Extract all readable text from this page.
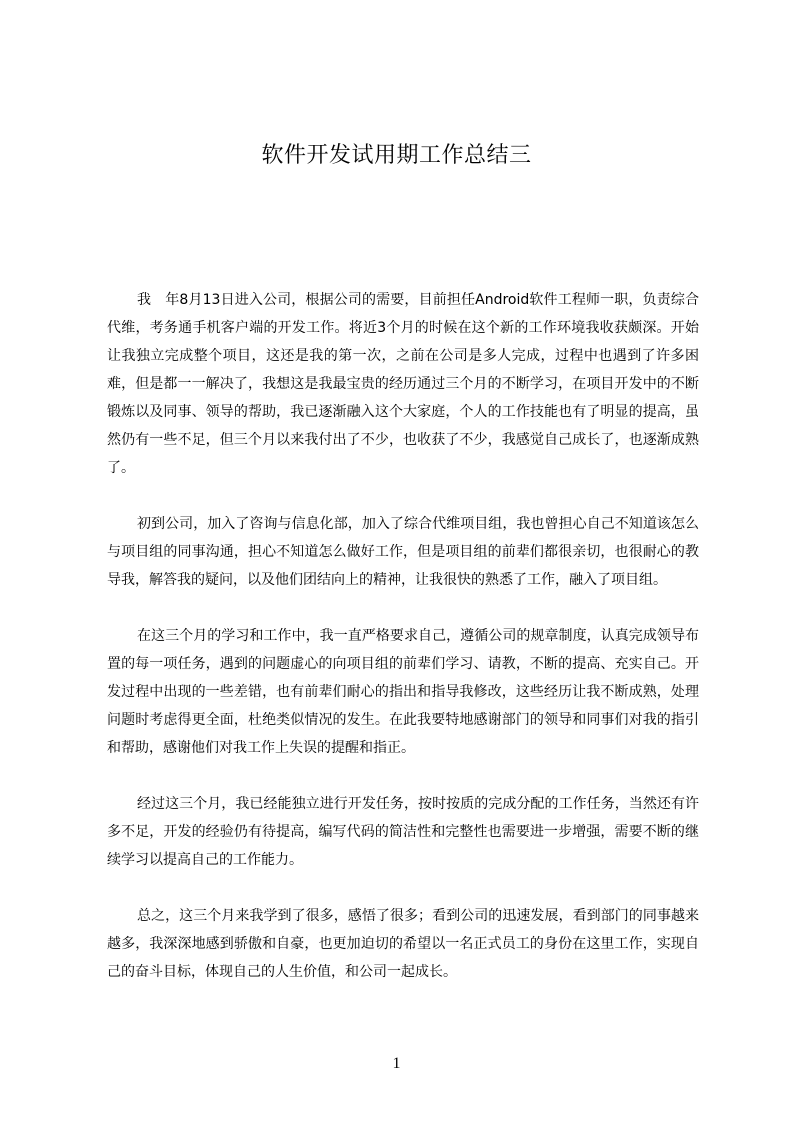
软件开发试用期工作总结三

我　年8月13日进入公司，根据公司的需要，目前担任Android软件工程师一职，负责综合代维，考务通手机客户端的开发工作。将近3个月的时候在这个新的工作环境我收获颇深。开始让我独立完成整个项目，这还是我的第一次，之前在公司是多人完成，过程中也遇到了许多困难，但是都一一解决了，我想这是我最宝贵的经历通过三个月的不断学习，在项目开发中的不断锻炼以及同事、领导的帮助，我已逐渐融入这个大家庭，个人的工作技能也有了明显的提高，虽然仍有一些不足，但三个月以来我付出了不少，也收获了不少，我感觉自己成长了，也逐渐成熟了。

初到公司，加入了咨询与信息化部，加入了综合代维项目组，我也曾担心自己不知道该怎么与项目组的同事沟通，担心不知道怎么做好工作，但是项目组的前辈们都很亲切，也很耐心的教导我，解答我的疑问，以及他们团结向上的精神，让我很快的熟悉了工作，融入了项目组。

在这三个月的学习和工作中，我一直严格要求自己，遵循公司的规章制度，认真完成领导布置的每一项任务，遇到的问题虚心的向项目组的前辈们学习、请教，不断的提高、充实自己。开发过程中出现的一些差错，也有前辈们耐心的指出和指导我修改，这些经历让我不断成熟，处理问题时考虑得更全面，杜绝类似情况的发生。在此我要特地感谢部门的领导和同事们对我的指引和帮助，感谢他们对我工作上失误的提醒和指正。

经过这三个月，我已经能独立进行开发任务，按时按质的完成分配的工作任务，当然还有许多不足，开发的经验仍有待提高，编写代码的简洁性和完整性也需要进一步增强，需要不断的继续学习以提高自己的工作能力。

总之，这三个月来我学到了很多，感悟了很多；看到公司的迅速发展，看到部门的同事越来越多，我深深地感到骄傲和自豪，也更加迫切的希望以一名正式员工的身份在这里工作，实现自己的奋斗目标，体现自己的人生价值，和公司一起成长。

1
